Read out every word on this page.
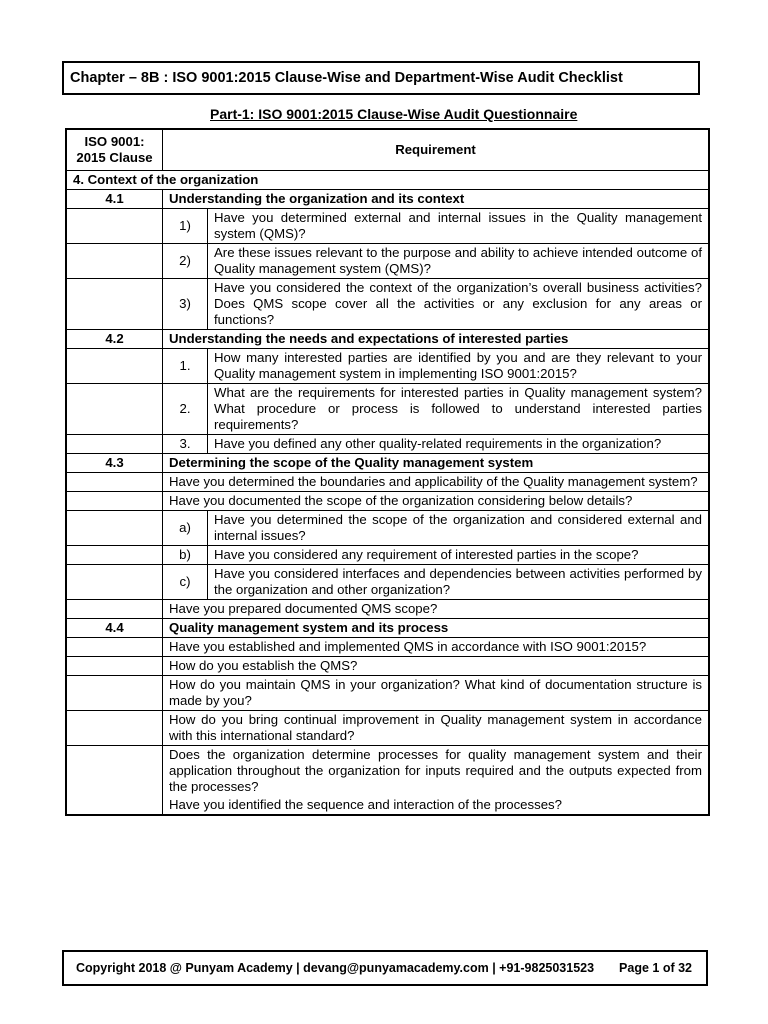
Chapter – 8B : ISO 9001:2015 Clause-Wise and Department-Wise Audit Checklist
Part-1: ISO 9001:2015 Clause-Wise Audit Questionnaire
ISO 9001: 2015 Clause	Requirement	
4. Context of the organization		
4.1	Understanding the organization and its context	
	1)	Have you determined external and internal issues in the Quality management system (QMS)?
	2)	Are these issues relevant to the purpose and ability to achieve intended outcome of Quality management system (QMS)?
	3)	Have you considered the context of the organization’s overall business activities? Does QMS scope cover all the activities or any exclusion for any areas or functions?
4.2	Understanding the needs and expectations of interested parties	
	1.	How many interested parties are identified by you and are they relevant to your Quality management system in implementing ISO 9001:2015?
	2.	What are the requirements for interested parties in Quality management system? What procedure or process is followed to understand interested parties requirements?
	3.	Have you defined any other quality-related requirements in the organization?
4.3	Determining the scope of the Quality management system	
	Have you determined the boundaries and applicability of the Quality management system?	
	Have you documented the scope of the organization considering below details?	
	a)	Have you determined the scope of the organization and considered external and internal issues?
	b)	Have you considered any requirement of interested parties in the scope?
	c)	Have you considered interfaces and dependencies between activities performed by the organization and other organization?
	Have you prepared documented QMS scope?	
4.4	Quality management system and its process	
	Have you established and implemented QMS in accordance with ISO 9001:2015?	
	How do you establish the QMS?	
	How do you maintain QMS in your organization? What kind of documentation structure is made by you?	
	How do you bring continual improvement in Quality management system in accordance with this international standard?	

	Does the organization determine processes for quality management system and their application throughout the organization for inputs required and the outputs expected from the processes?
Have you identified the sequence and interaction of the processes?	
Copyright 2018 @ Punyam Academy | devang@punyamacademy.com | +91-9825031523 Page 1 of 32
